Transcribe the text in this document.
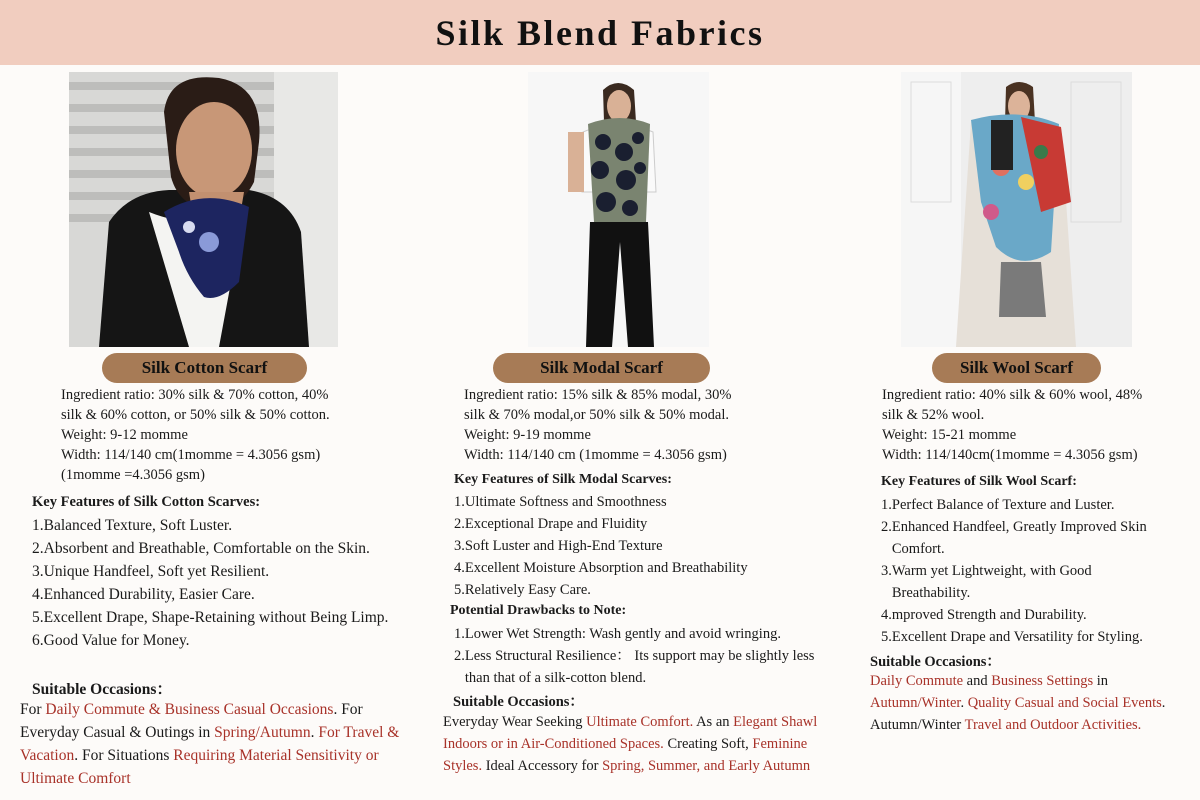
Silk Blend Fabrics
Silk Cotton Scarf

Ingredient ratio: 30% silk & 70% cotton, 40%

silk & 60% cotton, or 50% silk & 50% cotton.

Weight: 9-12 momme

Width: 114/140 cm(1momme = 4.3056 gsm)

(1momme =4.3056 gsm)

Key Features of Silk Cotton Scarves:
1. Balanced Texture, Soft Luster.
2. Absorbent and Breathable, Comfortable on the Skin.
3. Unique Handfeel, Soft yet Resilient.
4. Enhanced Durability, Easier Care.
5. Excellent Drape, Shape-Retaining without Being Limp.
6. Good Value for Money.
Suitable Occasions：
For Daily Commute & Business Casual Occasions. For Everyday Casual & Outings in Spring/Autumn. For Travel & Vacation. For Situations Requiring Material Sensitivity or Ultimate Comfort
Silk Modal Scarf

Ingredient ratio: 15% silk & 85% modal, 30%

silk & 70% modal,or 50% silk & 50% modal.

Weight: 9-19 momme

Width: 114/140 cm (1momme = 4.3056 gsm)

Key Features of Silk Modal Scarves:
1. Ultimate Softness and Smoothness
2. Exceptional Drape and Fluidity
3. Soft Luster and High-End Texture
4. Excellent Moisture Absorption and Breathability
5. Relatively Easy Care.
Potential Drawbacks to Note:
1. Lower Wet Strength: Wash gently and avoid wringing.
2. Less Structural Resilience： Its support may be slightly less than that of a silk-cotton blend.
Suitable Occasions：
Everyday Wear Seeking Ultimate Comfort. As an Elegant Shawl Indoors or in Air-Conditioned Spaces. Creating Soft, Feminine Styles. Ideal Accessory for Spring, Summer, and Early Autumn
Silk Wool Scarf

Ingredient ratio: 40% silk & 60% wool, 48%

silk & 52% wool.

Weight: 15-21 momme

Width: 114/140cm(1momme = 4.3056 gsm)

Key Features of Silk Wool Scarf:
1. Perfect Balance of Texture and Luster.
2. Enhanced Handfeel, Greatly Improved Skin Comfort.
3. Warm yet Lightweight, with Good Breathability.
4. mproved Strength and Durability.
5. Excellent Drape and Versatility for Styling.
Suitable Occasions：
Daily Commute and Business Settings in Autumn/Winter. Quality Casual and Social Events. Autumn/Winter Travel and Outdoor Activities.
